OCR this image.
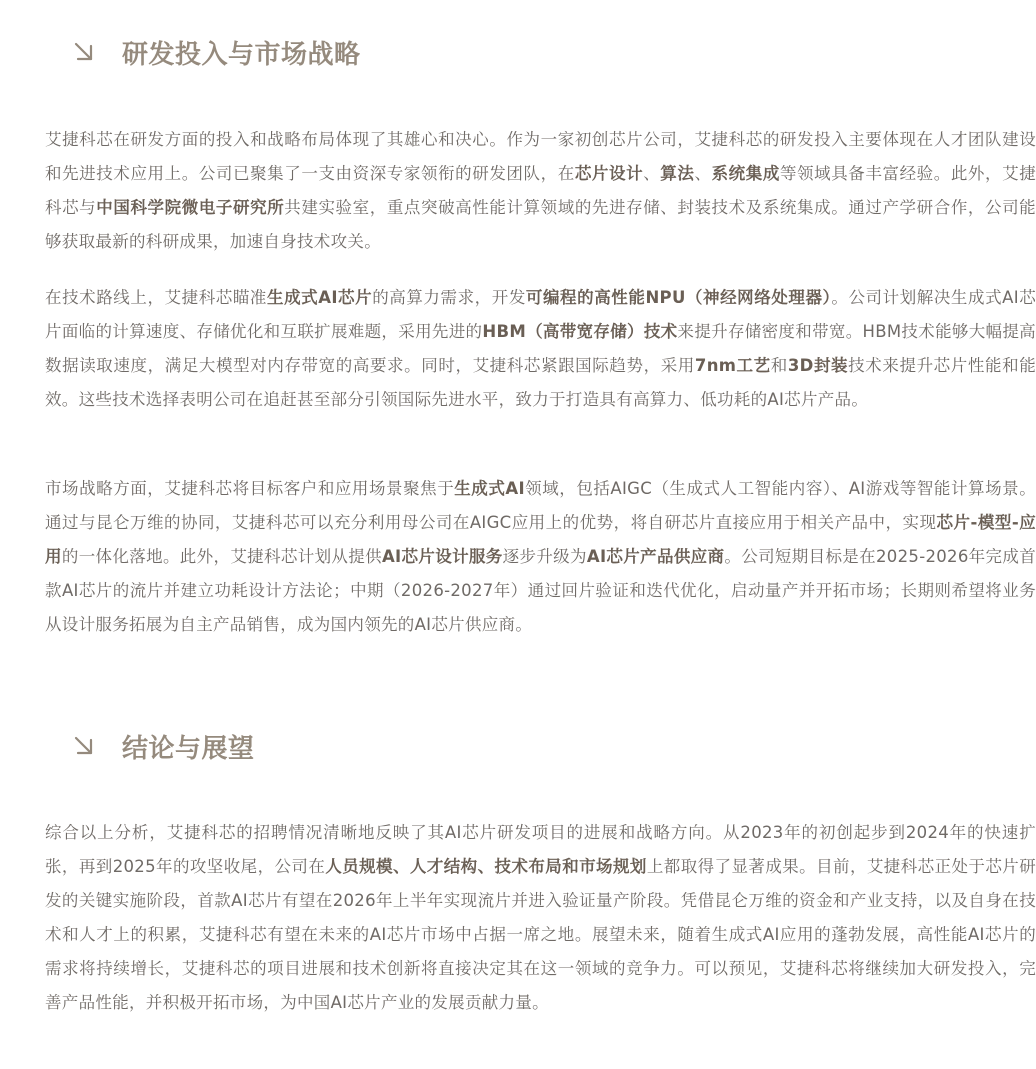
研发投入与市场战略

艾捷科芯在研发方面的投入和战略布局体现了其雄心和决心。作为一家初创芯片公司，艾捷科芯的研发投入主要体现在人才团队建设和先进技术应用上。公司已聚集了一支由资深专家领衔的研发团队，在芯片设计、算法、系统集成等领域具备丰富经验。此外，艾捷科芯与中国科学院微电子研究所共建实验室，重点突破高性能计算领域的先进存储、封装技术及系统集成。通过产学研合作，公司能够获取最新的科研成果，加速自身技术攻关。

在技术路线上，艾捷科芯瞄准生成式AI芯片的高算力需求，开发可编程的高性能NPU（神经网络处理器）。公司计划解决生成式AI芯片面临的计算速度、存储优化和互联扩展难题，采用先进的HBM（高带宽存储）技术来提升存储密度和带宽。HBM技术能够大幅提高数据读取速度，满足大模型对内存带宽的高要求。同时，艾捷科芯紧跟国际趋势，采用7nm工艺和3D封装技术来提升芯片性能和能效。这些技术选择表明公司在追赶甚至部分引领国际先进水平，致力于打造具有高算力、低功耗的AI芯片产品。

市场战略方面，艾捷科芯将目标客户和应用场景聚焦于生成式AI领域，包括AIGC（生成式人工智能内容）、AI游戏等智能计算场景。通过与昆仑万维的协同，艾捷科芯可以充分利用母公司在AIGC应用上的优势，将自研芯片直接应用于相关产品中，实现芯片-模型-应用的一体化落地。此外，艾捷科芯计划从提供AI芯片设计服务逐步升级为AI芯片产品供应商。公司短期目标是在2025-2026年完成首款AI芯片的流片并建立功耗设计方法论；中期（2026-2027年）通过回片验证和迭代优化，启动量产并开拓市场；长期则希望将业务从设计服务拓展为自主产品销售，成为国内领先的AI芯片供应商。

结论与展望

综合以上分析，艾捷科芯的招聘情况清晰地反映了其AI芯片研发项目的进展和战略方向。从2023年的初创起步到2024年的快速扩张，再到2025年的攻坚收尾，公司在人员规模、人才结构、技术布局和市场规划上都取得了显著成果。目前，艾捷科芯正处于芯片研发的关键实施阶段，首款AI芯片有望在2026年上半年实现流片并进入验证量产阶段。凭借昆仑万维的资金和产业支持，以及自身在技术和人才上的积累，艾捷科芯有望在未来的AI芯片市场中占据一席之地。展望未来，随着生成式AI应用的蓬勃发展，高性能AI芯片的需求将持续增长，艾捷科芯的项目进展和技术创新将直接决定其在这一领域的竞争力。可以预见，艾捷科芯将继续加大研发投入，完善产品性能，并积极开拓市场，为中国AI芯片产业的发展贡献力量。
